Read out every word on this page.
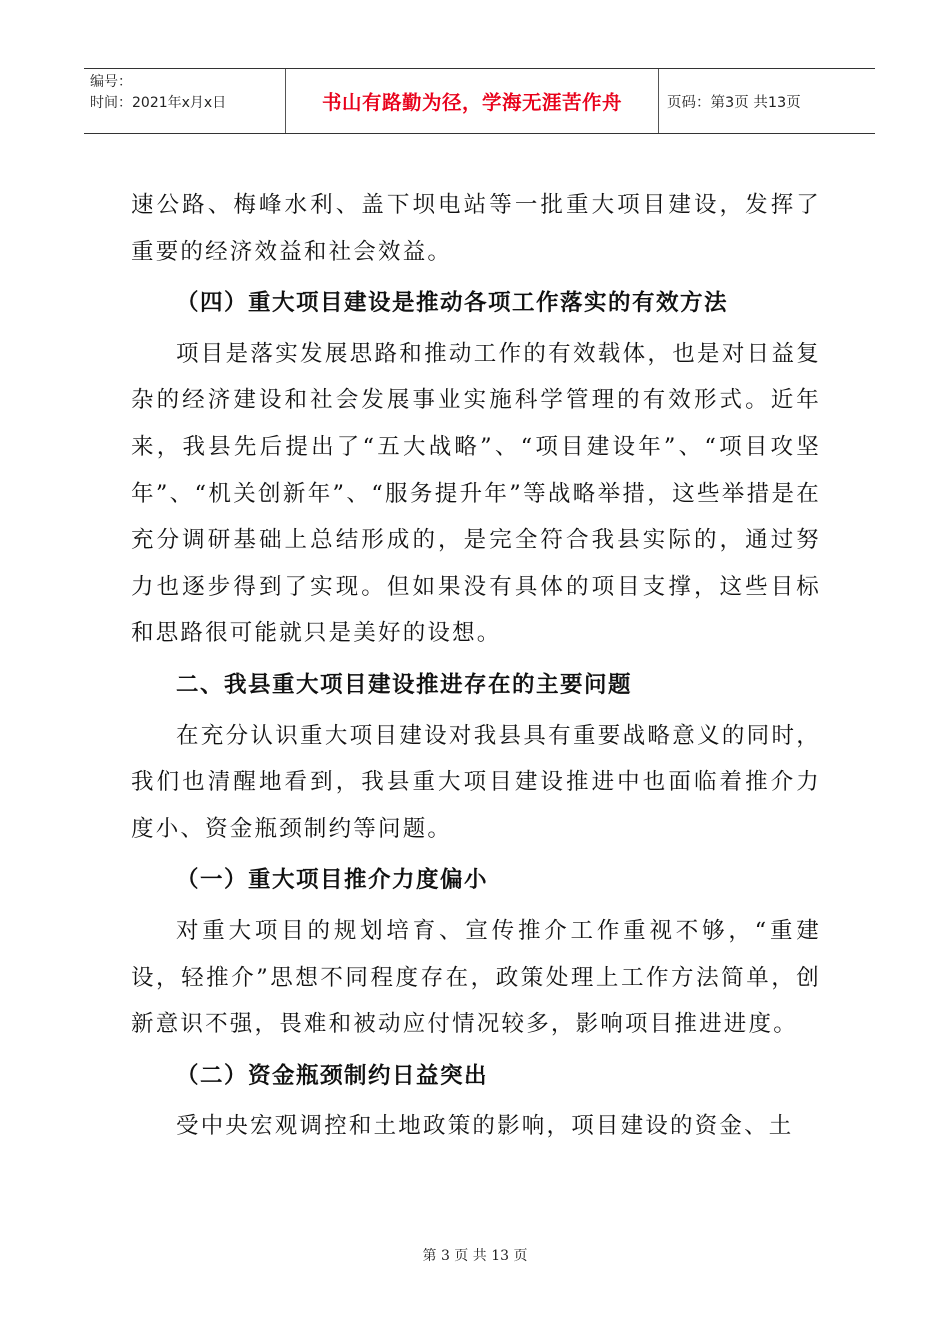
编号：
时间：2021年x月x日	书山有路勤为径，学海无涯苦作舟	页码：第3页 共13页

速公路、梅峰水利、盖下坝电站等一批重大项目建设，发挥了重要的经济效益和社会效益。

（四）重大项目建设是推动各项工作落实的有效方法

项目是落实发展思路和推动工作的有效载体，也是对日益复杂的经济建设和社会发展事业实施科学管理的有效形式。近年来，我县先后提出了“五大战略”、“项目建设年”、“项目攻坚年”、“机关创新年”、“服务提升年”等战略举措，这些举措是在充分调研基础上总结形成的，是完全符合我县实际的，通过努力也逐步得到了实现。但如果没有具体的项目支撑，这些目标和思路很可能就只是美好的设想。

二、我县重大项目建设推进存在的主要问题

在充分认识重大项目建设对我县具有重要战略意义的同时，我们也清醒地看到，我县重大项目建设推进中也面临着推介力度小、资金瓶颈制约等问题。

（一）重大项目推介力度偏小

对重大项目的规划培育、宣传推介工作重视不够，“重建设，轻推介”思想不同程度存在，政策处理上工作方法简单，创新意识不强，畏难和被动应付情况较多，影响项目推进进度。

（二）资金瓶颈制约日益突出

受中央宏观调控和土地政策的影响，项目建设的资金、土

第 3 页 共 13 页
